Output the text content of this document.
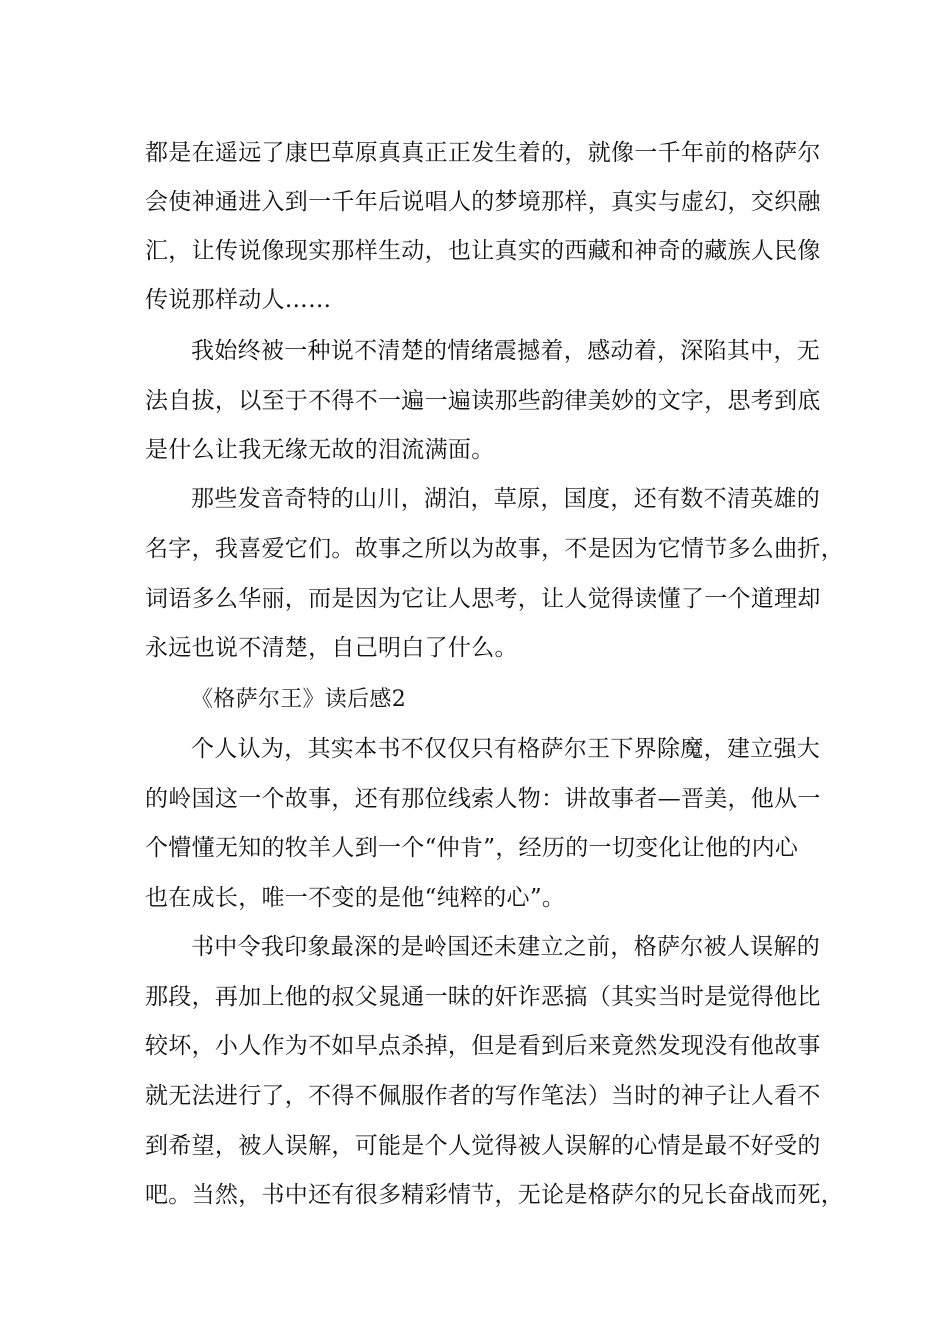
都是在遥远了康巴草原真真正正发生着的，就像一千年前的格萨尔
会使神通进入到一千年后说唱人的梦境那样，真实与虚幻，交织融
汇，让传说像现实那样生动，也让真实的西藏和神奇的藏族人民像
传说那样动人……
我始终被一种说不清楚的情绪震撼着，感动着，深陷其中，无
法自拔，以至于不得不一遍一遍读那些韵律美妙的文字，思考到底
是什么让我无缘无故的泪流满面。
那些发音奇特的山川，湖泊，草原，国度，还有数不清英雄的
名字，我喜爱它们。故事之所以为故事，不是因为它情节多么曲折，
词语多么华丽，而是因为它让人思考，让人觉得读懂了一个道理却
永远也说不清楚，自己明白了什么。
《格萨尔王》读后感2
个人认为，其实本书不仅仅只有格萨尔王下界除魔，建立强大
的岭国这一个故事，还有那位线索人物：讲故事者—晋美，他从一
个懵懂无知的牧羊人到一个“仲肯”，经历的一切变化让他的内心
也在成长，唯一不变的是他“纯粹的心”。
书中令我印象最深的是岭国还未建立之前，格萨尔被人误解的
那段，再加上他的叔父晁通一昧的奸诈恶搞（其实当时是觉得他比
较坏，小人作为不如早点杀掉，但是看到后来竟然发现没有他故事
就无法进行了，不得不佩服作者的写作笔法）当时的神子让人看不
到希望，被人误解，可能是个人觉得被人误解的心情是最不好受的
吧。当然，书中还有很多精彩情节，无论是格萨尔的兄长奋战而死，
